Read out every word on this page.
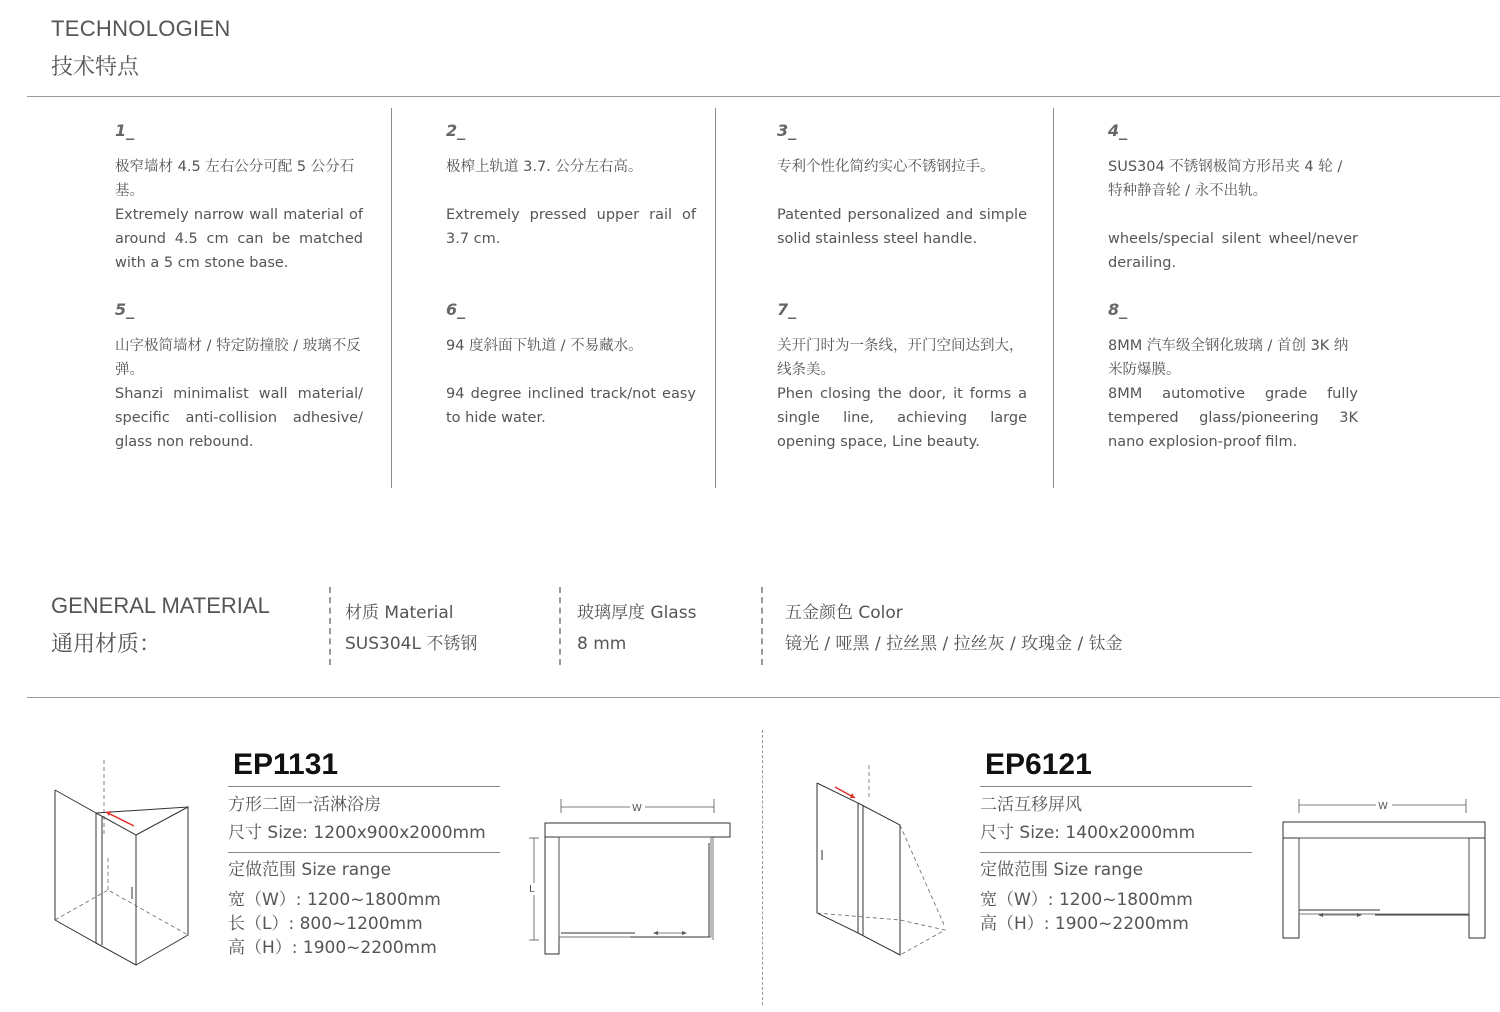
TECHNOLOGIEN
技术特点
1_
极窄墙材 4.5 左右公分可配 5 公分石基。
Extremely narrow wall material of around 4.5 cm can be matched with a 5 cm stone base.
2_
极榨上轨道 3.7. 公分左右高。
Extremely pressed upper rail of 3.7 cm.
3_
专利个性化简约实心不锈钢拉手。
Patented personalized and simple solid stainless steel handle.
4_
SUS304 不锈钢极简方形吊夹 4 轮 / 特种静音轮 / 永不出轨。
wheels/special silent wheel/never derailing.
5_
山字极简墙材 / 特定防撞胶 / 玻璃不反弹。
Shanzi minimalist wall material/ specific anti-collision adhesive/ glass non rebound.
6_
94 度斜面下轨道 / 不易藏水。
94 degree inclined track/not easy to hide water.
7_
关开门时为一条线，开门空间达到大，线条美。
Phen closing the door, it forms a single line, achieving large opening space, Line beauty.
8_
8MM 汽车级全钢化玻璃 / 首创 3K 纳米防爆膜。
8MM automotive grade fully tempered glass/pioneering 3K nano explosion-proof film.
GENERAL MATERIAL
通用材质：
材质 Material
SUS304L 不锈钢
玻璃厚度 Glass
8 mm
五金颜色 Color
镜光 / 哑黑 / 拉丝黑 / 拉丝灰 / 玫瑰金 / 钛金
EP1131
方形二固一活淋浴房
尺寸 Size: 1200x900x2000mm
定做范围 Size range
宽（W）: 1200~1800mm
长（L）: 800~1200mm
高（H）: 1900~2200mm
W
L
EP6121
二活互移屏风
尺寸 Size: 1400x2000mm
定做范围 Size range
宽（W）: 1200~1800mm
高（H）: 1900~2200mm
W
